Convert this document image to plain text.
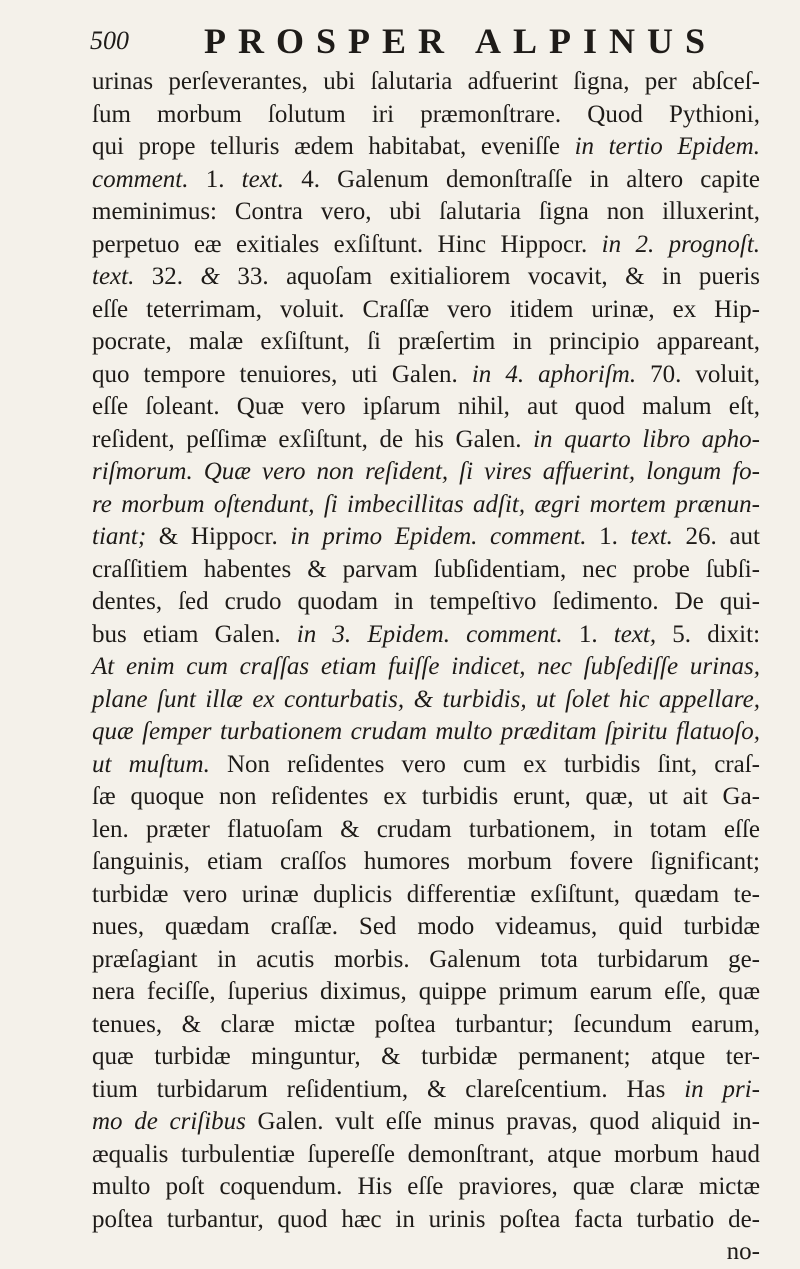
500 PROSPER ALPINUS
urinas perſeverantes, ubi ſalutaria adfuerint ſigna, per abſceſ-
ſum morbum ſolutum iri præmonſtrare. Quod Pythioni,
qui prope telluris ædem habitabat, eveniſſe in tertio Epidem.
comment. 1. text. 4. Galenum demonſtraſſe in altero capite
meminimus: Contra vero, ubi ſalutaria ſigna non illuxerint,
perpetuo eæ exitiales exſiſtunt. Hinc Hippocr. in 2. prognoſt.
text. 32. & 33. aquoſam exitialiorem vocavit, & in pueris
eſſe teterrimam, voluit. Craſſæ vero itidem urinæ, ex Hip-
pocrate, malæ exſiſtunt, ſi præſertim in principio appareant,
quo tempore tenuiores, uti Galen. in 4. aphoriſm. 70. voluit,
eſſe ſoleant. Quæ vero ipſarum nihil, aut quod malum eſt,
reſident, peſſimæ exſiſtunt, de his Galen. in quarto libro apho-
riſmorum. Quæ vero non reſident, ſi vires affuerint, longum fo-
re morbum oſtendunt, ſi imbecillitas adſit, ægri mortem prænun-
tiant; & Hippocr. in primo Epidem. comment. 1. text. 26. aut
craſſitiem habentes & parvam ſubſidentiam, nec probe ſubſi-
dentes, ſed crudo quodam in tempeſtivo ſedimento. De qui-
bus etiam Galen. in 3. Epidem. comment. 1. text, 5. dixit:
At enim cum craſſas etiam fuiſſe indicet, nec ſubſediſſe urinas,
plane ſunt illæ ex conturbatis, & turbidis, ut ſolet hic appellare,
quæ ſemper turbationem crudam multo præditam ſpiritu flatuoſo,
ut muſtum. Non reſidentes vero cum ex turbidis ſint, craſ-
ſæ quoque non reſidentes ex turbidis erunt, quæ, ut ait Ga-
len. præter flatuoſam & crudam turbationem, in totam eſſe
ſanguinis, etiam craſſos humores morbum fovere ſignificant;
turbidæ vero urinæ duplicis differentiæ exſiſtunt, quædam te-
nues, quædam craſſæ. Sed modo videamus, quid turbidæ
præſagiant in acutis morbis. Galenum tota turbidarum ge-
nera feciſſe, ſuperius diximus, quippe primum earum eſſe, quæ
tenues, & claræ mictæ poſtea turbantur; ſecundum earum,
quæ turbidæ minguntur, & turbidæ permanent; atque ter-
tium turbidarum reſidentium, & clareſcentium. Has in pri-
mo de criſibus Galen. vult eſſe minus pravas, quod aliquid in-
æqualis turbulentiæ ſupereſſe demonſtrant, atque morbum haud
multo poſt coquendum. His eſſe praviores, quæ claræ mictæ
poſtea turbantur, quod hæc in urinis poſtea facta turbatio de-
no-
